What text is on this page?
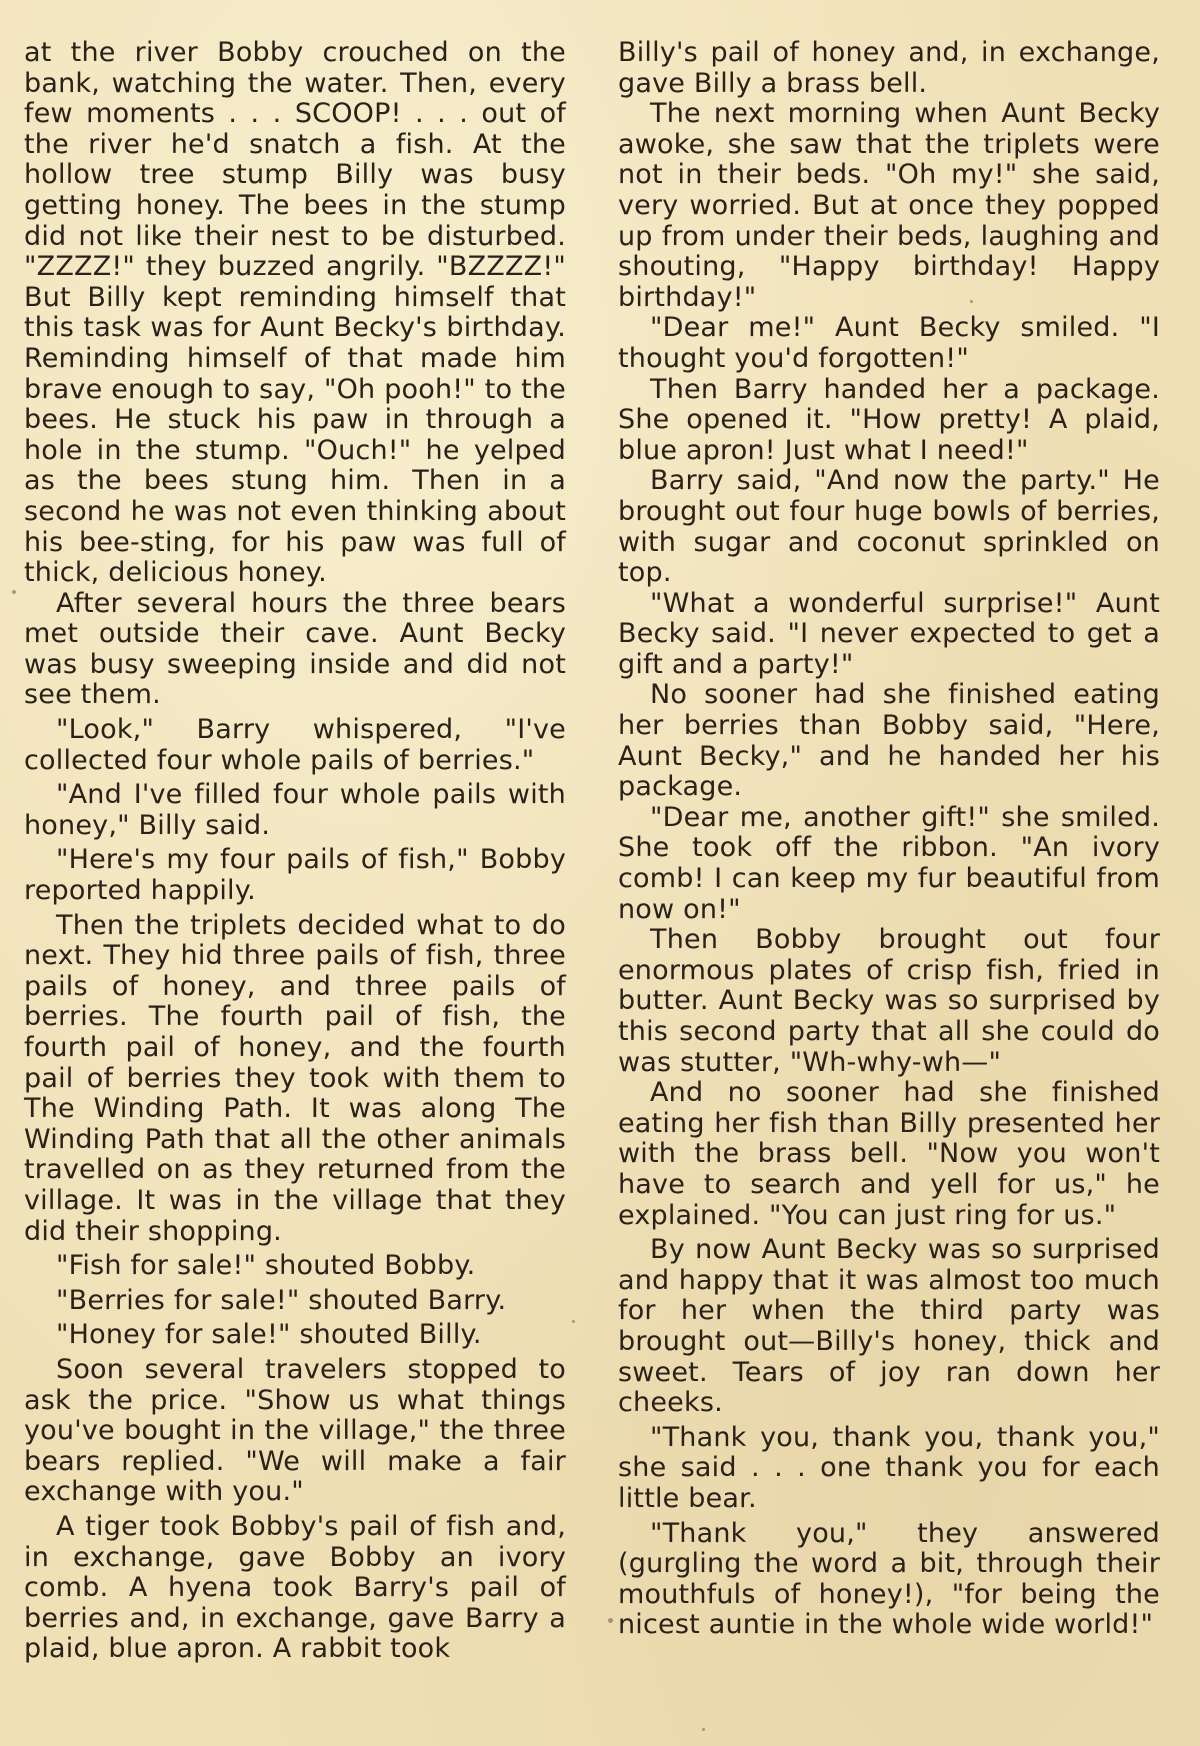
at the river Bobby crouched on the bank, watching the water. Then, every few moments . . . SCOOP! . . . out of the river he'd snatch a fish. At the hollow tree stump Billy was busy getting honey. The bees in the stump did not like their nest to be disturbed. "ZZZZ!" they buzzed angrily. "BZZZZ!" But Billy kept reminding himself that this task was for Aunt Becky's birthday. Reminding himself of that made him brave enough to say, "Oh pooh!" to the bees. He stuck his paw in through a hole in the stump. "Ouch!" he yelped as the bees stung him. Then in a second he was not even thinking about his bee-sting, for his paw was full of thick, delicious honey.

After several hours the three bears met outside their cave. Aunt Becky was busy sweeping inside and did not see them.

"Look," Barry whispered, "I've collected four whole pails of berries."

"And I've filled four whole pails with honey," Billy said.

"Here's my four pails of fish," Bobby reported happily.

Then the triplets decided what to do next. They hid three pails of fish, three pails of honey, and three pails of berries. The fourth pail of fish, the fourth pail of honey, and the fourth pail of berries they took with them to The Winding Path. It was along The Winding Path that all the other animals travelled on as they returned from the village. It was in the village that they did their shopping.

"Fish for sale!" shouted Bobby.

"Berries for sale!" shouted Barry.

"Honey for sale!" shouted Billy.

Soon several travelers stopped to ask the price. "Show us what things you've bought in the village," the three bears replied. "We will make a fair exchange with you."

A tiger took Bobby's pail of fish and, in exchange, gave Bobby an ivory comb. A hyena took Barry's pail of berries and, in exchange, gave Barry a plaid, blue apron. A rabbit took

Billy's pail of honey and, in exchange, gave Billy a brass bell.

The next morning when Aunt Becky awoke, she saw that the triplets were not in their beds. "Oh my!" she said, very worried. But at once they popped up from under their beds, laughing and shouting, "Happy birthday! Happy birthday!"

"Dear me!" Aunt Becky smiled. "I thought you'd forgotten!"

Then Barry handed her a package. She opened it. "How pretty! A plaid, blue apron! Just what I need!"

Barry said, "And now the party." He brought out four huge bowls of berries, with sugar and coconut sprinkled on top.

"What a wonderful surprise!" Aunt Becky said. "I never expected to get a gift and a party!"

No sooner had she finished eating her berries than Bobby said, "Here, Aunt Becky," and he handed her his package.

"Dear me, another gift!" she smiled. She took off the ribbon. "An ivory comb! I can keep my fur beautiful from now on!"

Then Bobby brought out four enormous plates of crisp fish, fried in butter. Aunt Becky was so surprised by this second party that all she could do was stutter, "Wh-why-wh—"

And no sooner had she finished eating her fish than Billy presented her with the brass bell. "Now you won't have to search and yell for us," he explained. "You can just ring for us."

By now Aunt Becky was so surprised and happy that it was almost too much for her when the third party was brought out—Billy's honey, thick and sweet. Tears of joy ran down her cheeks.

"Thank you, thank you, thank you," she said . . . one thank you for each little bear.

"Thank you," they answered (gurgling the word a bit, through their mouthfuls of honey!), "for being the nicest auntie in the whole wide world!"
